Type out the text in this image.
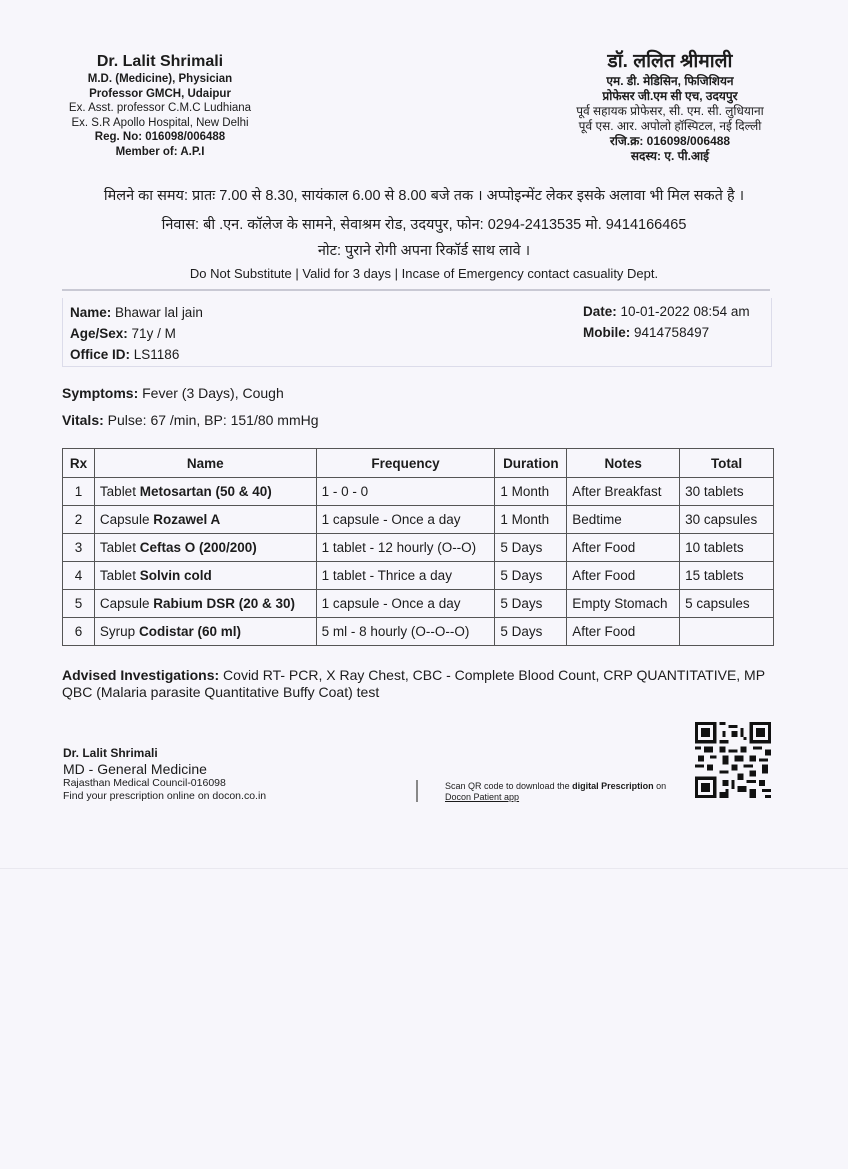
Dr. Lalit Shrimali
M.D. (Medicine), Physician
Professor GMCH, Udaipur
Ex. Asst. professor C.M.C Ludhiana
Ex. S.R Apollo Hospital, New Delhi
Reg. No: 016098/006488
Member of: A.P.I
डॉ. ललित श्रीमाली
एम. डी. मेडिसिन, फिजिशियन
प्रोफेसर जी.एम सी एच, उदयपुर
पूर्व सहायक प्रोफेसर, सी. एम. सी. लुधियाना
पूर्व एस. आर. अपोलो हॉस्पिटल, नई दिल्ली
रजि.क्र: 016098/006488
सदस्य: ए. पी.आई
मिलने का समय: प्रातः 7.00 से 8.30, सायंकाल 6.00 से 8.00 बजे तक । अप्पोइन्मेंट लेकर इसके अलावा भी मिल सकते है ।
निवास: बी .एन. कॉलेज के सामने, सेवाश्रम रोड, उदयपुर, फोन: 0294-2413535 मो. 9414166465
नोट: पुराने रोगी अपना रिकॉर्ड साथ लावे ।
Do Not Substitute | Valid for 3 days | Incase of Emergency contact casuality Dept.
Name: Bhawar lal jain
Age/Sex: 71y / M
Office ID: LS1186
Date: 10-01-2022 08:54 am
Mobile: 9414758497
Symptoms: Fever (3 Days), Cough
Vitals: Pulse: 67 /min, BP: 151/80 mmHg
Rx	Name	Frequency	Duration	Notes	Total
1	Tablet Metosartan (50 & 40)	1 - 0 - 0	1 Month	After Breakfast	30 tablets
2	Capsule Rozawel A	1 capsule - Once a day	1 Month	Bedtime	30 capsules
3	Tablet Ceftas O (200/200)	1 tablet - 12 hourly (O--O)	5 Days	After Food	10 tablets
4	Tablet Solvin cold	1 tablet - Thrice a day	5 Days	After Food	15 tablets
5	Capsule Rabium DSR (20 & 30)	1 capsule - Once a day	5 Days	Empty Stomach	5 capsules
6	Syrup Codistar (60 ml)	5 ml - 8 hourly (O--O--O)	5 Days	After Food	
Advised Investigations: Covid RT- PCR, X Ray Chest, CBC - Complete Blood Count, CRP QUANTITATIVE, MP QBC (Malaria parasite Quantitative Buffy Coat) test
Dr. Lalit Shrimali
MD - General Medicine
Rajasthan Medical Council-016098
Find your prescription online on docon.co.in
Scan QR code to download the digital Prescription on
Docon Patient app
